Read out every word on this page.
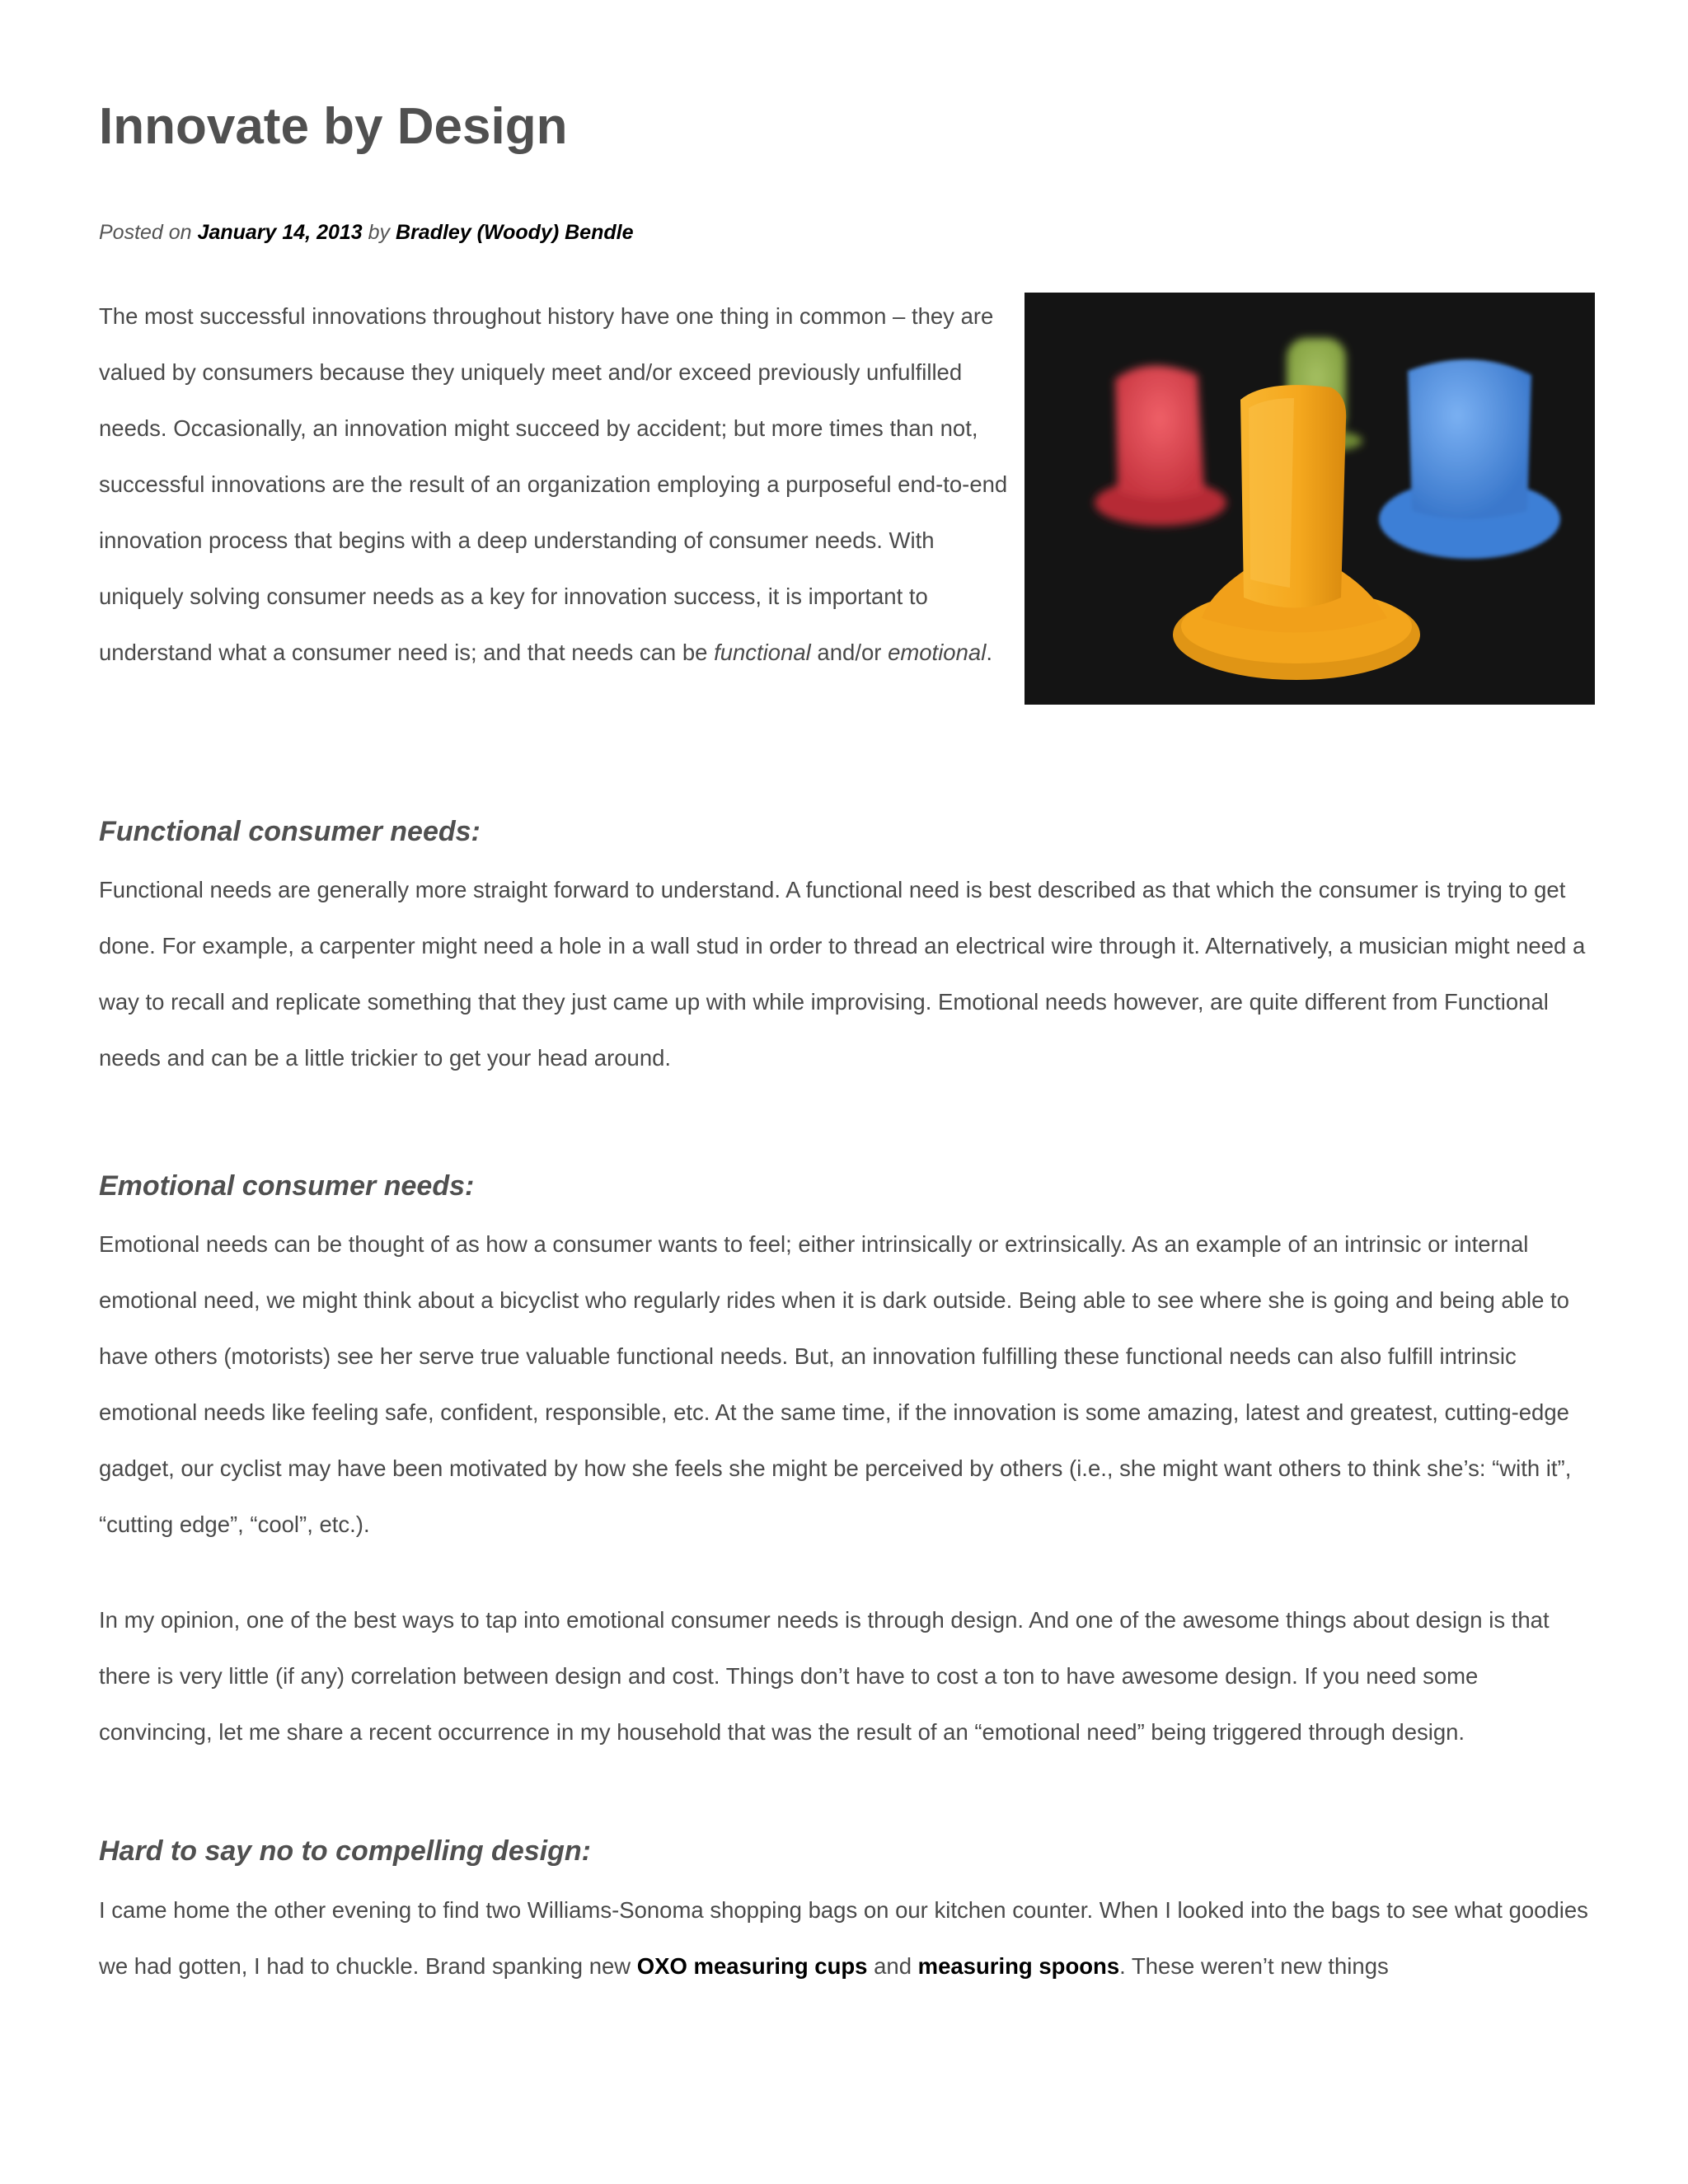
Innovate by Design
Posted on January 14, 2013 by Bradley (Woody) Bendle

The most successful innovations throughout history have one thing in common – they are valued by consumers because they uniquely meet and/or exceed previously unfulfilled needs. Occasionally, an innovation might succeed by accident; but more times than not, successful innovations are the result of an organization employing a purposeful end-to-end innovation process that begins with a deep understanding of consumer needs. With uniquely solving consumer needs as a key for innovation success, it is important to understand what a consumer need is; and that needs can be functional and/or emotional.

Functional consumer needs:

Functional needs are generally more straight forward to understand. A functional need is best described as that which the consumer is trying to get done. For example, a carpenter might need a hole in a wall stud in order to thread an electrical wire through it. Alternatively, a musician might need a way to recall and replicate something that they just came up with while improvising. Emotional needs however, are quite different from Functional needs and can be a little trickier to get your head around.

Emotional consumer needs:

Emotional needs can be thought of as how a consumer wants to feel; either intrinsically or extrinsically. As an example of an intrinsic or internal emotional need, we might think about a bicyclist who regularly rides when it is dark outside. Being able to see where she is going and being able to have others (motorists) see her serve true valuable functional needs. But, an innovation fulfilling these functional needs can also fulfill intrinsic emotional needs like feeling safe, confident, responsible, etc. At the same time, if the innovation is some amazing, latest and greatest, cutting-edge gadget, our cyclist may have been motivated by how she feels she might be perceived by others (i.e., she might want others to think she’s: “with it”, “cutting edge”, “cool”, etc.).

In my opinion, one of the best ways to tap into emotional consumer needs is through design. And one of the awesome things about design is that there is very little (if any) correlation between design and cost. Things don’t have to cost a ton to have awesome design. If you need some convincing, let me share a recent occurrence in my household that was the result of an “emotional need” being triggered through design.

Hard to say no to compelling design:

I came home the other evening to find two Williams-Sonoma shopping bags on our kitchen counter. When I looked into the bags to see what goodies we had gotten, I had to chuckle. Brand spanking new OXO measuring cups and measuring spoons. These weren’t new things
